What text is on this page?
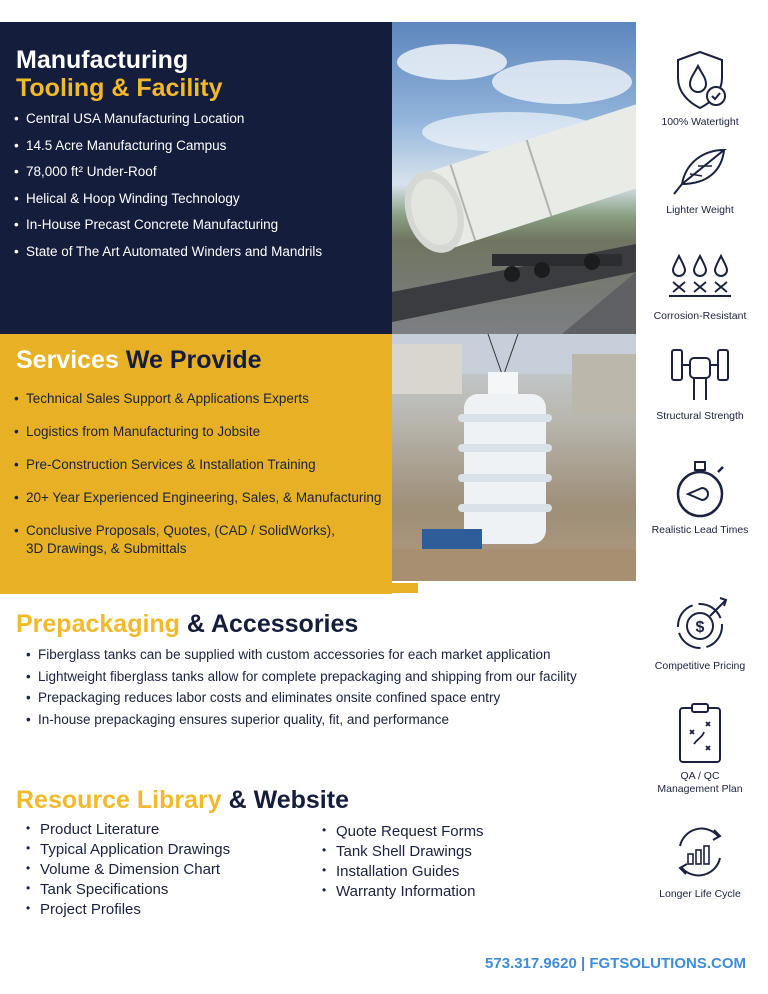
Manufacturing
Tooling & Facility
• Central USA Manufacturing Location
• 14.5 Acre Manufacturing Campus
• 78,000 ft² Under-Roof
• Helical & Hoop Winding Technology
• In-House Precast Concrete Manufacturing
• State of The Art Automated Winders and Mandrils
Services We Provide
• Technical Sales Support & Applications Experts
• Logistics from Manufacturing to Jobsite
• Pre-Construction Services & Installation Training
• 20+ Year Experienced Engineering, Sales, & Manufacturing
• Conclusive Proposals, Quotes, (CAD / SolidWorks),
3D Drawings, & Submittals
Prepackaging & Accessories
• Fiberglass tanks can be supplied with custom accessories for each market application
• Lightweight fiberglass tanks allow for complete prepackaging and shipping from our facility
• Prepackaging reduces labor costs and eliminates onsite confined space entry
• In-house prepackaging ensures superior quality, fit, and performance
Resource Library & Website
• Product Literature
• Typical Application Drawings
• Volume & Dimension Chart
• Tank Specifications
• Project Profiles
• Quote Request Forms
• Tank Shell Drawings
• Installation Guides
• Warranty Information
573.317.9620 | FGTSOLUTIONS.COM
100% Watertight
Lighter Weight
Corrosion-Resistant
Structural Strength
Realistic Lead Times
$
Competitive Pricing
QA / QC
Management Plan
Longer Life Cycle
